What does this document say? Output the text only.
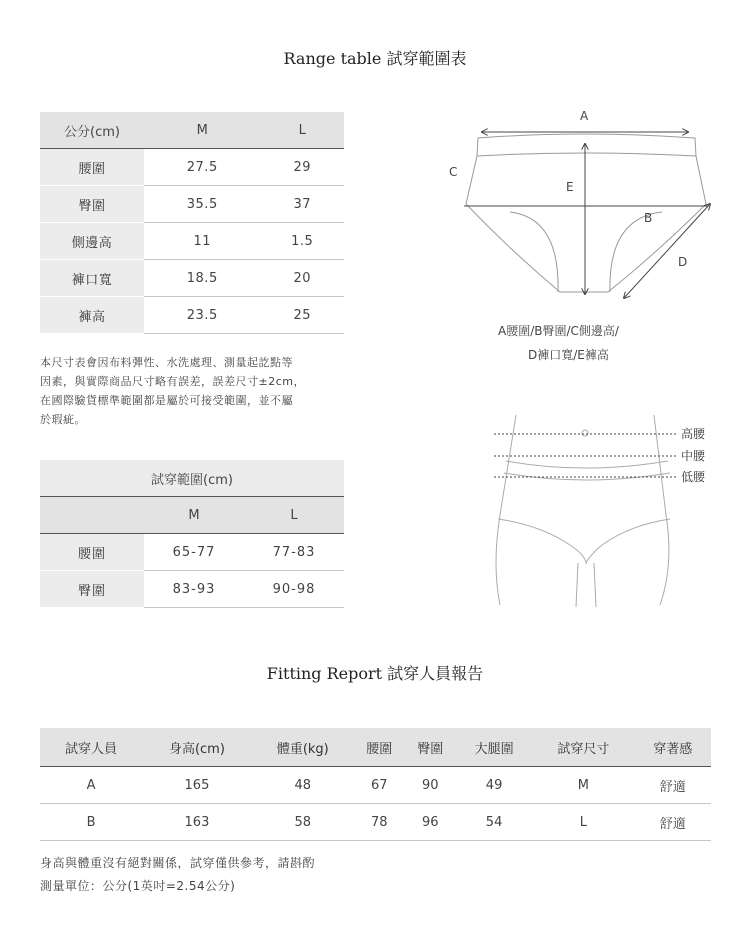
Range table 試穿範圍表
公分(cm)	M	L
腰圍	27.5	29
臀圍	35.5	37
側邊高	11	1.5
褲口寬	18.5	20
褲高	23.5	25
本尺寸表會因布料彈性、水洗處理、測量起訖點等
因素，與實際商品尺寸略有誤差，誤差尺寸±2cm，
在國際驗貨標準範圍都是屬於可接受範圍，並不屬
於瑕疵。
A
B
C
D
E
A腰圍/B臀圍/C側邊高/
D褲口寬/E褲高
高腰
中腰
低腰
試穿範圍(cm)		
	M	L
腰圍	65-77	77-83
臀圍	83-93	90-98
Fitting Report 試穿人員報告
試穿人員	身高(cm)	體重(kg)	腰圍	臀圍	大腿圍	試穿尺寸	穿著感
A	165	48	67	90	49	M	舒適
B	163	58	78	96	54	L	舒適
身高與體重沒有絕對關係，試穿僅供參考，請斟酌
測量單位：公分(1英吋=2.54公分)
